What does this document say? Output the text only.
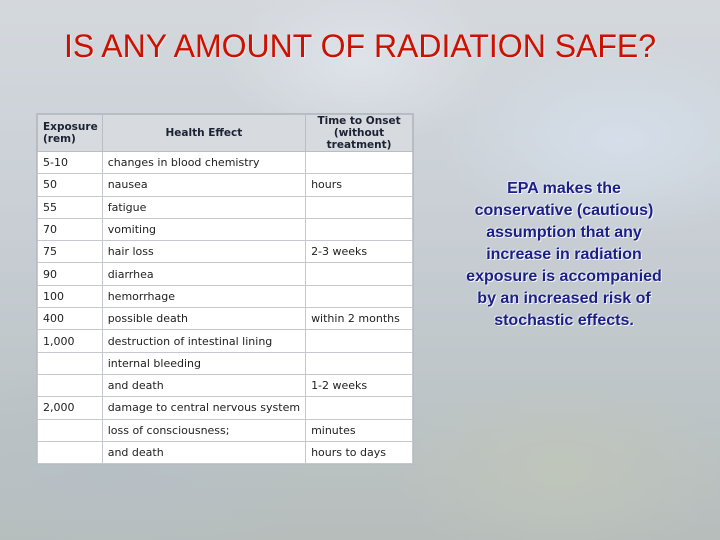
IS ANY AMOUNT OF RADIATION SAFE?
Exposure (rem)	Health Effect	Time to Onset (without treatment)
5-10	changes in blood chemistry	
50	nausea	hours
55	fatigue	
70	vomiting	
75	hair loss	2-3 weeks
90	diarrhea	
100	hemorrhage	
400	possible death	within 2 months
1,000	destruction of intestinal lining	
	internal bleeding	
	and death	1-2 weeks
2,000	damage to central nervous system	
	loss of consciousness;	minutes
	and death	hours to days
EPA makes the conservative (cautious) assumption that any increase in radiation exposure is accompanied by an increased risk of stochastic effects.
